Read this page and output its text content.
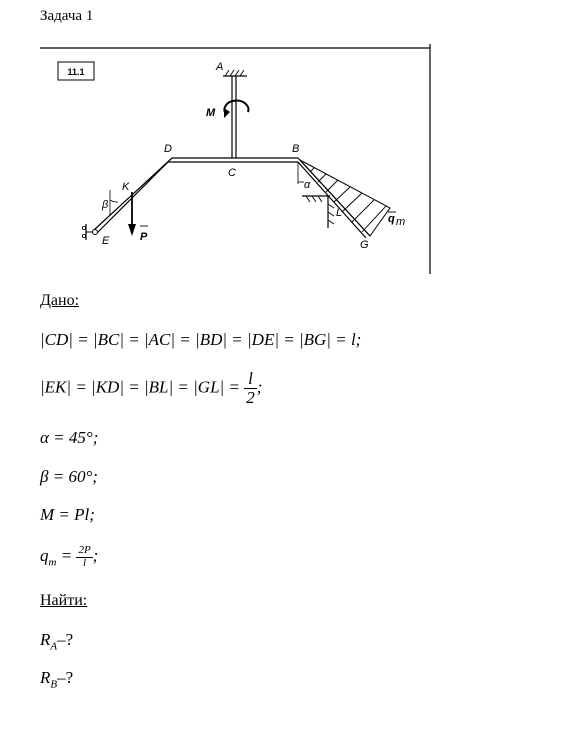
Задача 1
11.1	A
D
C
B
K
E
L
G
M
P
q m
α
β
Дано:
|CD| = |BC| = |AC| = |BD| = |DE| = |BG| = l;
$|EK| = |KD| = |BL| = |GL| = \frac{l}{2}$ ;
α = 45°;
β = 60°;
M = Pl;
$q_m = \frac{2P}{l}$ ;
Найти:
$R_A-$?
$R_B-$?
